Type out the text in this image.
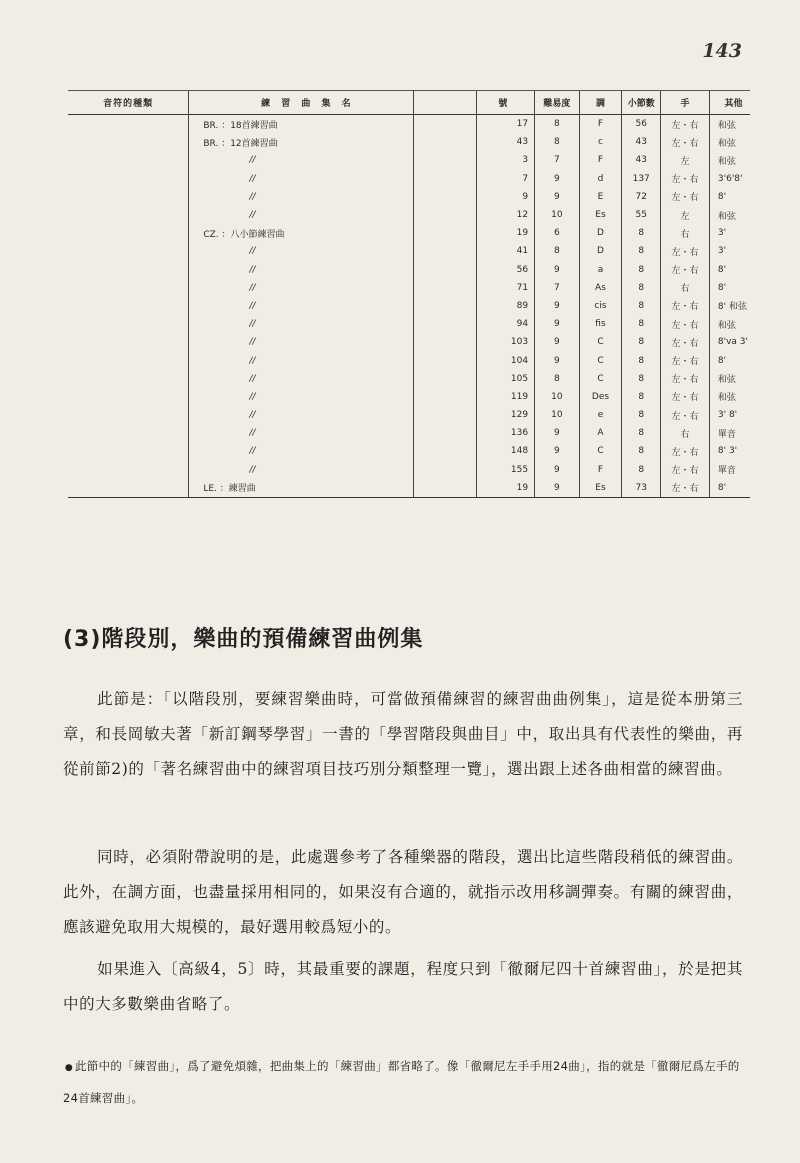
143
音符的種類	練 習 曲 集 名		號	難易度	調	小節數	手	其他
	BR. ：18首練習曲		17	8	F	56	左・右	和弦
	BR. ：12首練習曲		43	8	c	43	左・右	和弦
	//		3	7	F	43	左	和弦
	//		7	9	d	137	左・右	3'6'8'
	//		9	9	E	72	左・右	8'
	//		12	10	Es	55	左	和弦
	CZ. ：八小節練習曲		19	6	D	8	右	3'
	//		41	8	D	8	左・右	3'
	//		56	9	a	8	左・右	8'
	//		71	7	As	8	右	8'
	//		89	9	cis	8	左・右	8' 和弦
	//		94	9	fis	8	左・右	和弦
	//		103	9	C	8	左・右	8'va 3'
	//		104	9	C	8	左・右	8'
	//		105	8	C	8	左・右	和弦
	//		119	10	Des	8	左・右	和弦
	//		129	10	e	8	左・右	3' 8'
	//		136	9	A	8	右	單音
	//		148	9	C	8	左・右	8' 3'
	//		155	9	F	8	左・右	單音
	LE. ：練習曲		19	9	Es	73	左・右	8'
(3)階段別，樂曲的預備練習曲例集

此節是：「以階段別，要練習樂曲時，可當做預備練習的練習曲曲例集」，這是從本册第三章，和長岡敏夫著「新訂鋼琴學習」一書的「學習階段與曲目」中，取出具有代表性的樂曲，再從前節2)的「著名練習曲中的練習項目技巧別分類整理一覽」，選出跟上述各曲相當的練習曲。

同時，必須附帶說明的是，此處選參考了各種樂器的階段，選出比這些階段稍低的練習曲。此外，在調方面，也盡量採用相同的，如果沒有合適的，就指示改用移調彈奏。有關的練習曲，應該避免取用大規模的，最好選用較爲短小的。

如果進入〔高級4，5〕時，其最重要的課題，程度只到「徹爾尼四十首練習曲」，於是把其中的大多數樂曲省略了。

● 此節中的「練習曲」，爲了避免煩雜，把曲集上的「練習曲」都省略了。像「徹爾尼左手手用24曲」，指的就是「徹爾尼爲左手的24首練習曲」。
